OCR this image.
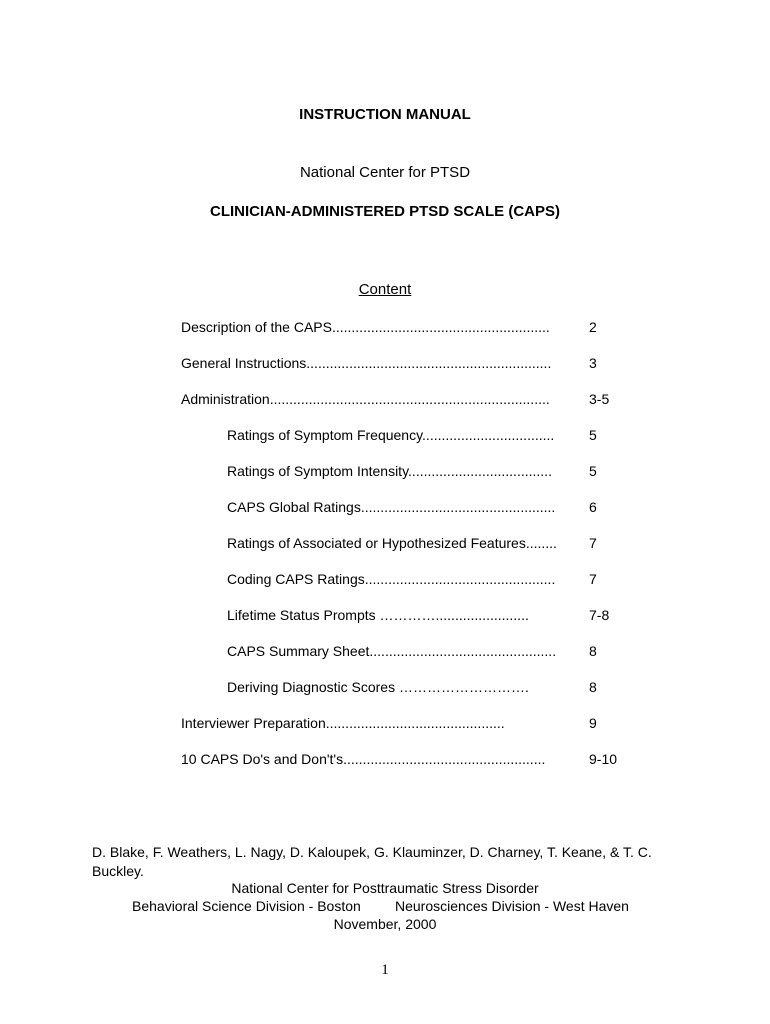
INSTRUCTION MANUAL
National Center for PTSD
CLINICIAN-ADMINISTERED PTSD SCALE (CAPS)
Content
Description of the CAPS........................................................	2
General Instructions...............................................................	3
Administration........................................................................	3-5
Ratings of Symptom Frequency.................................. 5
Ratings of Symptom Intensity.....................................	5
CAPS Global Ratings.................................................. 6
Ratings of Associated or Hypothesized Features........ 7
Coding CAPS Ratings................................................. 7
Lifetime Status Prompts …………........................	7-8
CAPS Summary Sheet................................................ 8
Deriving Diagnostic Scores ……………………….	8
Interviewer Preparation..............................................	9
10 CAPS Do's and Don't's....................................................	9-10
D. Blake, F. Weathers, L. Nagy, D. Kaloupek, G. Klauminzer, D. Charney, T. Keane, & T. C. Buckley.
National Center for Posttraumatic Stress Disorder
Behavioral Science Division - Boston Neurosciences Division - West Haven
November, 2000
1
